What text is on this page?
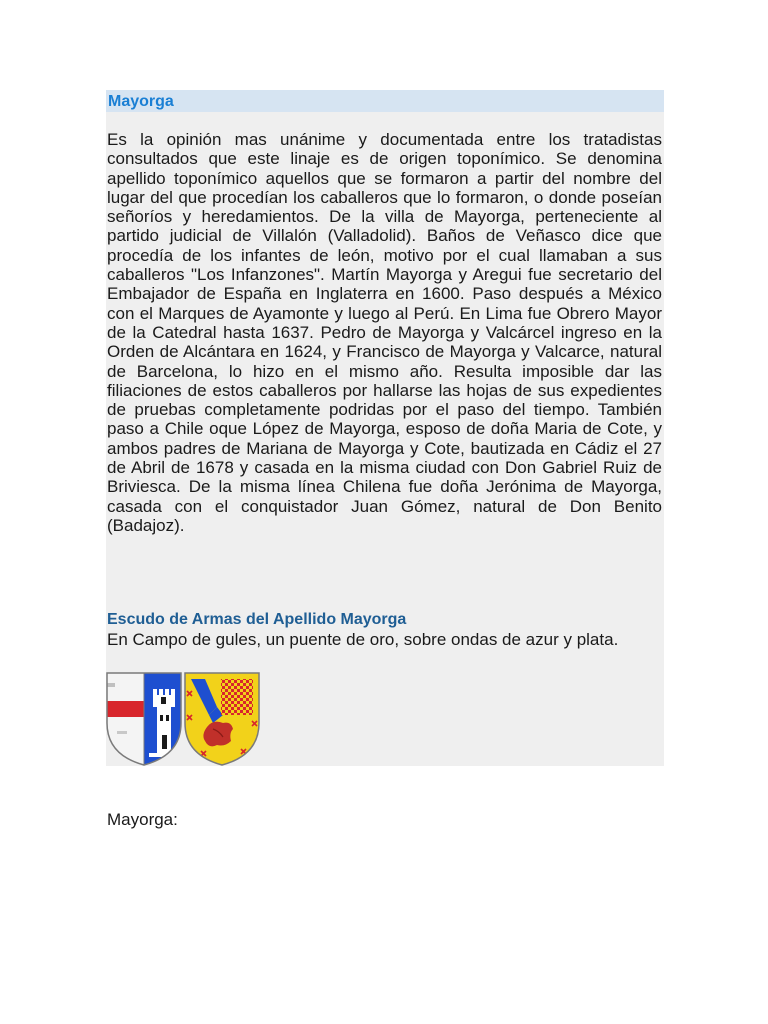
Mayorga

Es la opinión mas unánime y documentada entre los tratadistas consultados que este linaje es de origen toponímico. Se denomina apellido toponímico aquellos que se formaron a partir del nombre del lugar del que procedían los caballeros que lo formaron, o donde poseían señoríos y heredamientos. De la villa de Mayorga, perteneciente al partido judicial de Villalón (Valladolid). Baños de Veñasco dice que procedía de los infantes de león, motivo por el cual llamaban a sus caballeros "Los Infanzones". Martín Mayorga y Aregui fue secretario del Embajador de España en Inglaterra en 1600. Paso después a México con el Marques de Ayamonte y luego al Perú. En Lima fue Obrero Mayor de la Catedral hasta 1637. Pedro de Mayorga y Valcárcel ingreso en la Orden de Alcántara en 1624, y Francisco de Mayorga y Valcarce, natural de Barcelona, lo hizo en el mismo año. Resulta imposible dar las filiaciones de estos caballeros por hallarse las hojas de sus expedientes de pruebas completamente podridas por el paso del tiempo. También paso a Chile oque López de Mayorga, esposo de doña Maria de Cote, y ambos padres de Mariana de Mayorga y Cote, bautizada en Cádiz el 27 de Abril de 1678 y casada en la misma ciudad con Don Gabriel Ruiz de Briviesca. De la misma línea Chilena fue doña Jerónima de Mayorga, casada con el conquistador Juan Gómez, natural de Don Benito (Badajoz).

Escudo de Armas del Apellido Mayorga

En Campo de gules, un puente de oro, sobre ondas de azur y plata.

Mayorga:
